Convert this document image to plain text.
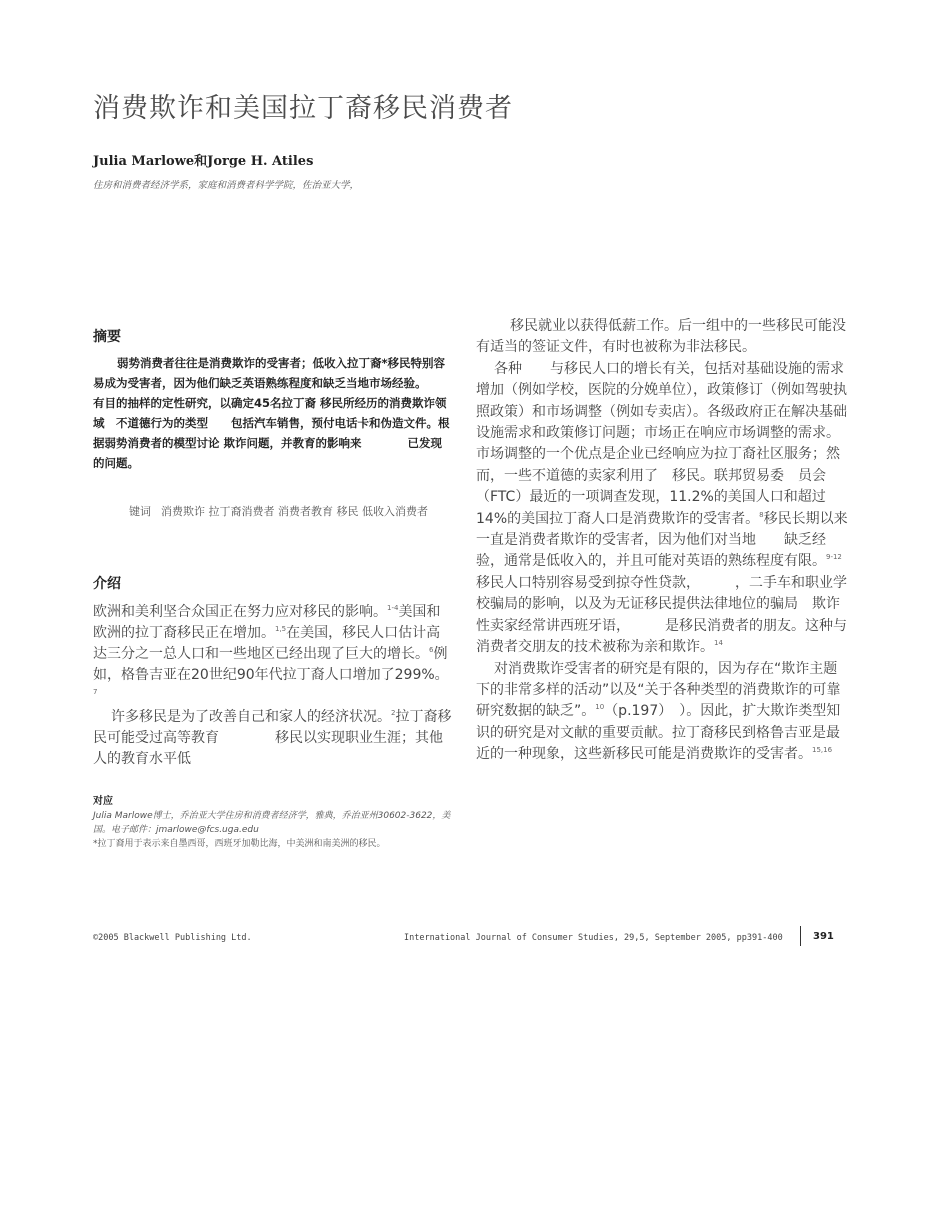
消费欺诈和美国拉丁裔移民消费者
Julia Marlowe和Jorge H. Atiles
住房和消费者经济学系，家庭和消费者科学学院，佐治亚大学，
摘要

弱势消费者往往是消费欺诈的受害者；低收入拉丁裔*移民特别容易成为受害者，因为他们缺乏英语熟练程度和缺乏当地市场经验。　　有目的抽样的定性研究，以确定45名拉丁裔 移民所经历的消费欺诈领域　不道德行为的类型　　包括汽车销售，预付电话卡和伪造文件。根据弱势消费者的模型讨论 欺诈问题，并教育的影响来　　　　已发现的问题。

键词 消费欺诈 拉丁裔消费者 消费者教育 移民 低收入消费者
介绍

欧洲和美利坚合众国正在努力应对移民的影响。$^{1-4}$美国和欧洲的拉丁裔移民正在增加。$^{1,5}$在美国，移民人口估计高达三分之一总人口和一些地区已经出现了巨大的增长。$^6$例如，格鲁吉亚在20世纪90年代拉丁裔人口增加了299%。$^7$

许多移民是为了改善自己和家人的经济状况。$^2$拉丁裔移民可能受过高等教育　　　　移民以实现职业生涯；其他人的教育水平低

对应
Julia Marlowe博士，乔治亚大学住房和消费者经济学，雅典，乔治亚州30602-3622，美国。电子邮件：jmarlowe@fcs.uga.edu
*拉丁裔用于表示来自墨西哥，西班牙加勒比海，中美洲和南美洲的移民。

移民就业以获得低薪工作。后一组中的一些移民可能没有适当的签证文件，有时也被称为非法移民。

各种　　与移民人口的增长有关，包括对基础设施的需求增加（例如学校，医院的分娩单位），政策修订（例如驾驶执照政策）和市场调整（例如专卖店）。各级政府正在解决基础设施需求和政策修订问题；市场正在响应市场调整的需求。市场调整的一个优点是企业已经响应为拉丁裔社区服务；然而，一些不道德的卖家利用了　移民。联邦贸易委　员会（FTC）最近的一项调查发现，11.2%的美国人口和超过14%的美国拉丁裔人口是消费欺诈的受害者。$^8$移民长期以来一直是消费者欺诈的受害者，因为他们对当地　　缺乏经验，通常是低收入的，并且可能对英语的熟练程度有限。$^{9-12}$移民人口特别容易受到掠夺性贷款，　　　，二手车和职业学校骗局的影响，以及为无证移民提供法律地位的骗局　欺诈性卖家经常讲西班牙语，　　　是移民消费者的朋友。这种与消费者交朋友的技术被称为亲和欺诈。$^{14}$

对消费欺诈受害者的研究是有限的，因为存在“欺诈主题下的非常多样的活动”以及“关于各种类型的消费欺诈的可靠研究数据的缺乏”。$^{10}$（p.197）　）。因此，扩大欺诈类型知识的研究是对文献的重要贡献。拉丁裔移民到格鲁吉亚是最近的一种现象，这些新移民可能是消费欺诈的受害者。$^{15,16}$

©2005 Blackwell Publishing Ltd.	International Journal of Consumer Studies, 29,5, September 2005, pp391-400	391
